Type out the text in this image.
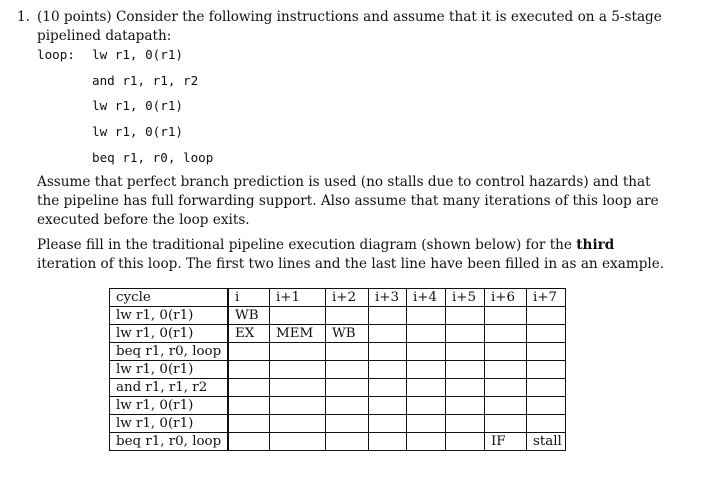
1. (10 points) Consider the following instructions and assume that it is executed on a 5-stage pipelined datapath:

loop: lw r1, 0(r1)
and r1, r1, r2
lw r1, 0(r1)
lw r1, 0(r1)
beq r1, r0, loop

Assume that perfect branch prediction is used (no stalls due to control hazards) and that the pipeline has full forwarding support. Also assume that many iterations of this loop are executed before the loop exits.

Please fill in the traditional pipeline execution diagram (shown below) for the third iteration of this loop. The first two lines and the last line have been filled in as an example.

cycle	i	i+1	i+2	i+3	i+4	i+5	i+6	i+7
lw r1, 0(r1)	WB							
lw r1, 0(r1)	EX	MEM	WB					
beq r1, r0, loop								
lw r1, 0(r1)								
and r1, r1, r2								
lw r1, 0(r1)								
lw r1, 0(r1)								
beq r1, r0, loop							IF	stall
